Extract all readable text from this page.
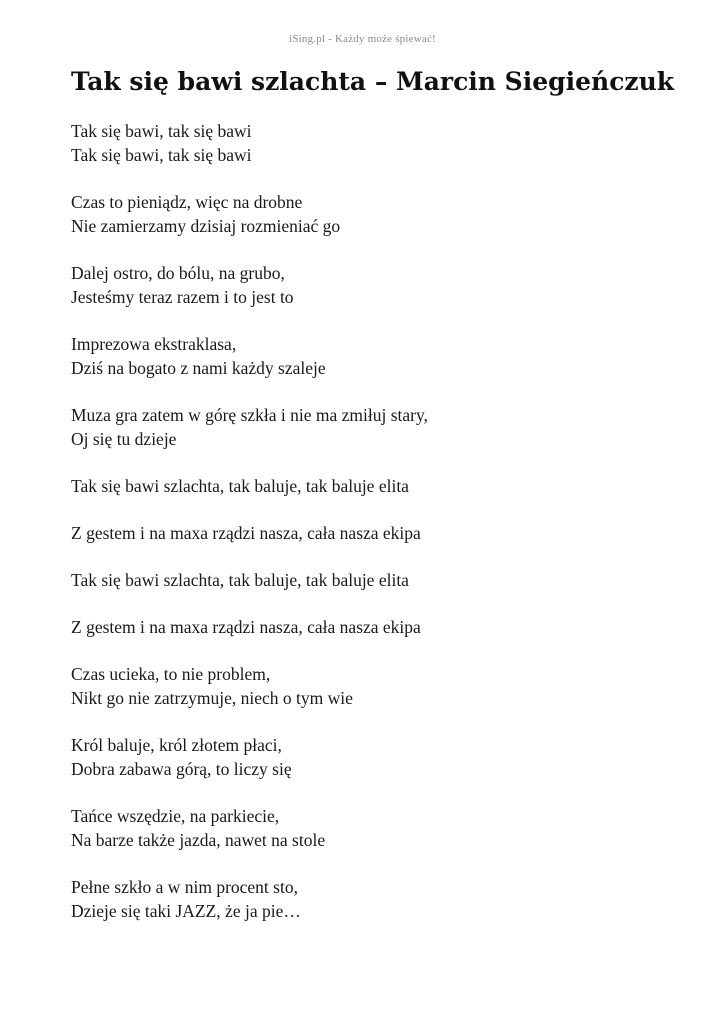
iSing.pl - Każdy może śpiewać!
Tak się bawi szlachta – Marcin Siegieńczuk
Tak się bawi, tak się bawi
Tak się bawi, tak się bawi
Czas to pieniądz, więc na drobne
Nie zamierzamy dzisiaj rozmieniać go
Dalej ostro, do bólu, na grubo,
Jesteśmy teraz razem i to jest to
Imprezowa ekstraklasa,
Dziś na bogato z nami każdy szaleje
Muza gra zatem w górę szkła i nie ma zmiłuj stary,
Oj się tu dzieje
Tak się bawi szlachta, tak baluje, tak baluje elita
Z gestem i na maxa rządzi nasza, cała nasza ekipa
Tak się bawi szlachta, tak baluje, tak baluje elita
Z gestem i na maxa rządzi nasza, cała nasza ekipa
Czas ucieka, to nie problem,
Nikt go nie zatrzymuje, niech o tym wie
Król baluje, król złotem płaci,
Dobra zabawa górą, to liczy się
Tańce wszędzie, na parkiecie,
Na barze także jazda, nawet na stole
Pełne szkło a w nim procent sto,
Dzieje się taki JAZZ, że ja pie…
